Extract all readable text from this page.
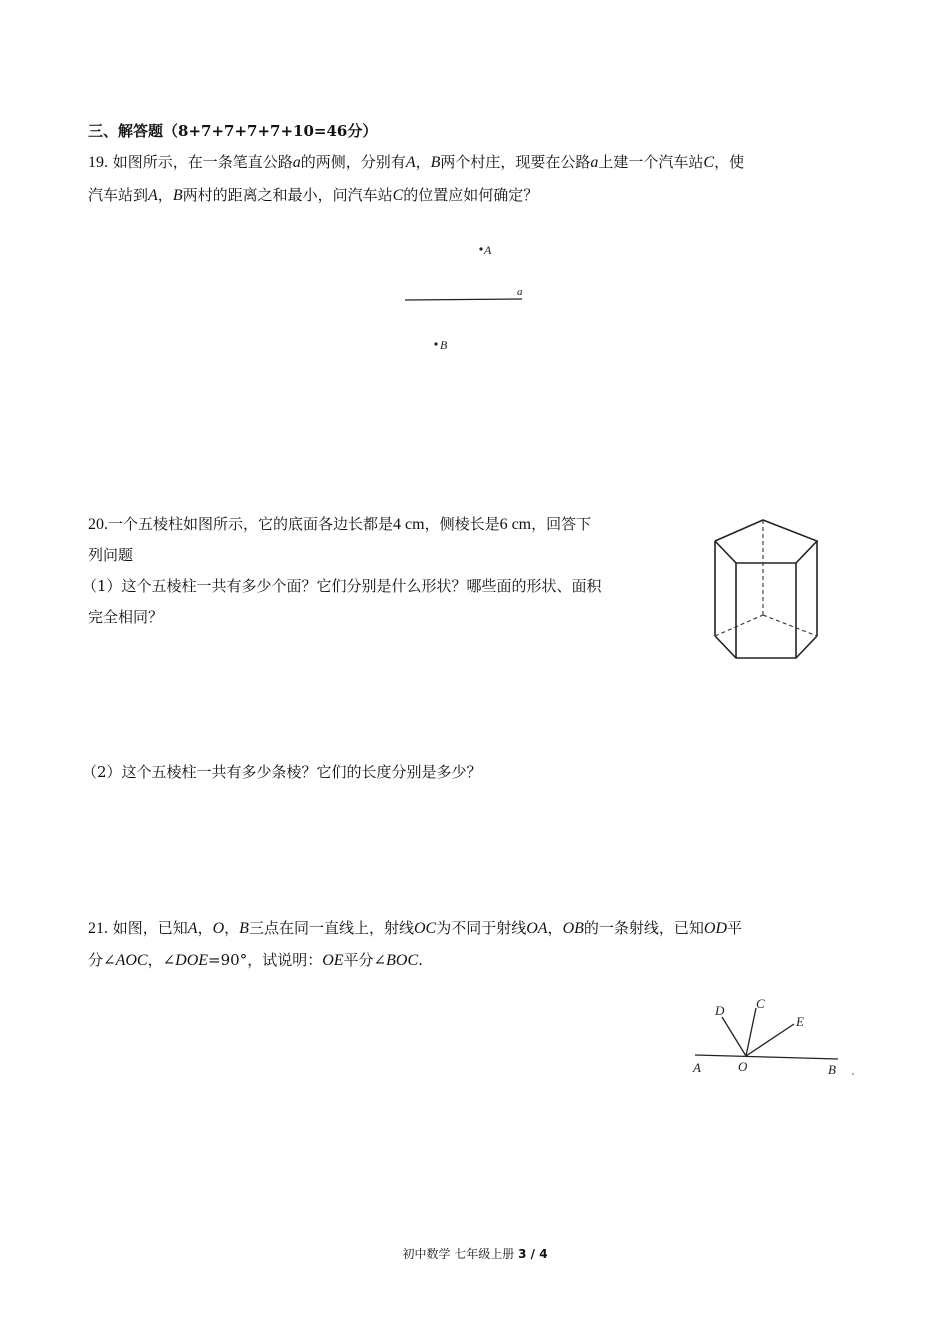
三、解答题（8+7+7+7+7+10=46分）
19. 如图所示，在一条笔直公路a的两侧，分别有A，B两个村庄，现要在公路a上建一个汽车站C，使
汽车站到A，B两村的距离之和最小，问汽车站C的位置应如何确定？
A
a
B
20.一个五棱柱如图所示，它的底面各边长都是4 cm，侧棱长是6 cm，回答下
列问题
（1）这个五棱柱一共有多少个面？它们分别是什么形状？哪些面的形状、面积
完全相同？
（2）这个五棱柱一共有多少条棱？它们的长度分别是多少？
21. 如图，已知A，O，B三点在同一直线上，射线OC为不同于射线OA，OB的一条射线，已知OD平
分∠AOC，∠DOE=90°，试说明：OE平分∠BOC.
D C
E
A	O	B
初中数学 七年级上册 3 / 4
